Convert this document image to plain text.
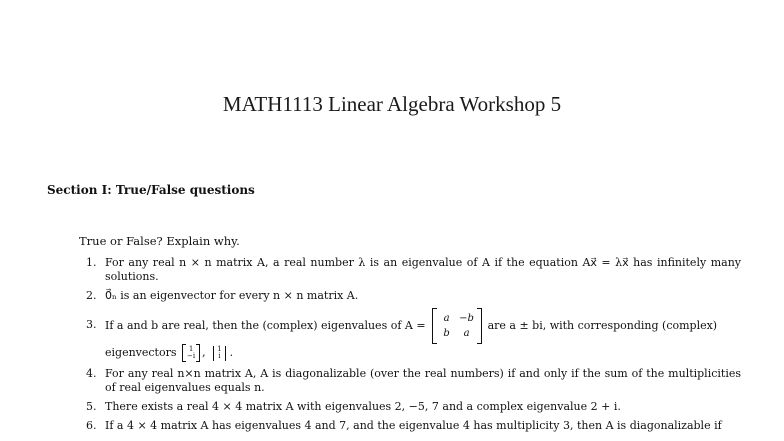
MATH1113 Linear Algebra Workshop 5
Section I: True/False questions
True or False? Explain why.
1. For any real n × n matrix A, a real number λ is an eigenvalue of A if the equation Ax⃗ = λx⃗ has infinitely many solutions.
2. 0⃗ₙ is an eigenvector for every n × n matrix A.
3. If a and b are real, then the (complex) eigenvalues of A =
a −b
b	a
are a ± bi, with corresponding (complex)
eigenvectors 1
−i , 1
i .
4. For any real n×n matrix A, A is diagonalizable (over the real numbers) if and only if the sum of the multiplicities of real eigenvalues equals n.
5. There exists a real 4 × 4 matrix A with eigenvalues 2, −5, 7 and a complex eigenvalue 2 + i.
6. If a 4 × 4 matrix A has eigenvalues 4 and 7, and the eigenvalue 4 has multiplicity 3, then A is diagonalizable if
